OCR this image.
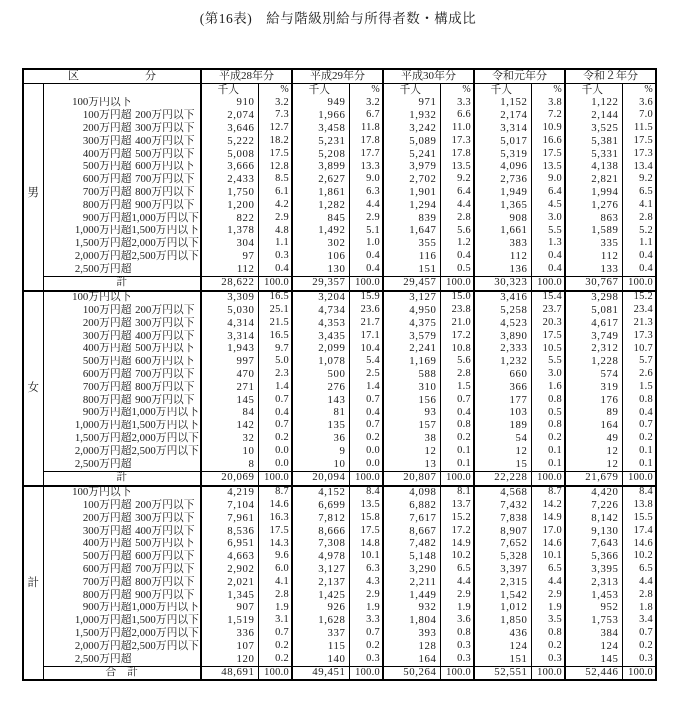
(第16表)　給与階級別給与所得者数・構成比
区 分		平成28年分		平成29年分		平成30年分		令和元年分		令和２年分	
		千人	%	千人	%	千人	%	千人	%	千人	%
男	100万円以下	910	3.2	949	3.2	971	3.3	1,152	3.8	1,122	3.6
	100万円超 200万円以下	2,074	7.3	1,966	6.7	1,932	6.6	2,174	7.2	2,144	7.0
	200万円超 300万円以下	3,646	12.7	3,458	11.8	3,242	11.0	3,314	10.9	3,525	11.5
	300万円超 400万円以下	5,222	18.2	5,231	17.8	5,089	17.3	5,017	16.6	5,381	17.5
	400万円超 500万円以下	5,008	17.5	5,208	17.7	5,241	17.8	5,319	17.5	5,331	17.3
	500万円超 600万円以下	3,666	12.8	3,899	13.3	3,979	13.5	4,096	13.5	4,138	13.4
	600万円超 700万円以下	2,433	8.5	2,627	9.0	2,702	9.2	2,736	9.0	2,821	9.2
	700万円超 800万円以下	1,750	6.1	1,861	6.3	1,901	6.4	1,949	6.4	1,994	6.5
	800万円超 900万円以下	1,200	4.2	1,282	4.4	1,294	4.4	1,365	4.5	1,276	4.1
	900万円超1,000万円以下	822	2.9	845	2.9	839	2.8	908	3.0	863	2.8
	1,000万円超1,500万円以下	1,378	4.8	1,492	5.1	1,647	5.6	1,661	5.5	1,589	5.2
	1,500万円超2,000万円以下	304	1.1	302	1.0	355	1.2	383	1.3	335	1.1
	2,000万円超2,500万円以下	97	0.3	106	0.4	116	0.4	112	0.4	112	0.4
	2,500万円超	112	0.4	130	0.4	151	0.5	136	0.4	133	0.4
	計	28,622	100.0	29,357	100.0	29,457	100.0	30,323	100.0	30,767	100.0
女	100万円以下	3,309	16.5	3,204	15.9	3,127	15.0	3,416	15.4	3,298	15.2
	100万円超 200万円以下	5,030	25.1	4,734	23.6	4,950	23.8	5,258	23.7	5,081	23.4
	200万円超 300万円以下	4,314	21.5	4,353	21.7	4,375	21.0	4,523	20.3	4,617	21.3
	300万円超 400万円以下	3,314	16.5	3,435	17.1	3,579	17.2	3,890	17.5	3,749	17.3
	400万円超 500万円以下	1,943	9.7	2,099	10.4	2,241	10.8	2,333	10.5	2,312	10.7
	500万円超 600万円以下	997	5.0	1,078	5.4	1,169	5.6	1,232	5.5	1,228	5.7
	600万円超 700万円以下	470	2.3	500	2.5	588	2.8	660	3.0	574	2.6
	700万円超 800万円以下	271	1.4	276	1.4	310	1.5	366	1.6	319	1.5
	800万円超 900万円以下	145	0.7	143	0.7	156	0.7	177	0.8	176	0.8
	900万円超1,000万円以下	84	0.4	81	0.4	93	0.4	103	0.5	89	0.4
	1,000万円超1,500万円以下	142	0.7	135	0.7	157	0.8	189	0.8	164	0.7
	1,500万円超2,000万円以下	32	0.2	36	0.2	38	0.2	54	0.2	49	0.2
	2,000万円超2,500万円以下	10	0.0	9	0.0	12	0.1	12	0.1	12	0.1
	2,500万円超	8	0.0	10	0.0	13	0.1	15	0.1	12	0.1
	計	20,069	100.0	20,094	100.0	20,807	100.0	22,228	100.0	21,679	100.0
計	100万円以下	4,219	8.7	4,152	8.4	4,098	8.1	4,568	8.7	4,420	8.4
	100万円超 200万円以下	7,104	14.6	6,699	13.5	6,882	13.7	7,432	14.2	7,226	13.8
	200万円超 300万円以下	7,961	16.3	7,812	15.8	7,617	15.2	7,838	14.9	8,142	15.5
	300万円超 400万円以下	8,536	17.5	8,666	17.5	8,667	17.2	8,907	17.0	9,130	17.4
	400万円超 500万円以下	6,951	14.3	7,308	14.8	7,482	14.9	7,652	14.6	7,643	14.6
	500万円超 600万円以下	4,663	9.6	4,978	10.1	5,148	10.2	5,328	10.1	5,366	10.2
	600万円超 700万円以下	2,902	6.0	3,127	6.3	3,290	6.5	3,397	6.5	3,395	6.5
	700万円超 800万円以下	2,021	4.1	2,137	4.3	2,211	4.4	2,315	4.4	2,313	4.4
	800万円超 900万円以下	1,345	2.8	1,425	2.9	1,449	2.9	1,542	2.9	1,453	2.8
	900万円超1,000万円以下	907	1.9	926	1.9	932	1.9	1,012	1.9	952	1.8
	1,000万円超1,500万円以下	1,519	3.1	1,628	3.3	1,804	3.6	1,850	3.5	1,753	3.4
	1,500万円超2,000万円以下	336	0.7	337	0.7	393	0.8	436	0.8	384	0.7
	2,000万円超2,500万円以下	107	0.2	115	0.2	128	0.3	124	0.2	124	0.2
	2,500万円超	120	0.2	140	0.3	164	0.3	151	0.3	145	0.3
	合　計	48,691	100.0	49,451	100.0	50,264	100.0	52,551	100.0	52,446	100.0
